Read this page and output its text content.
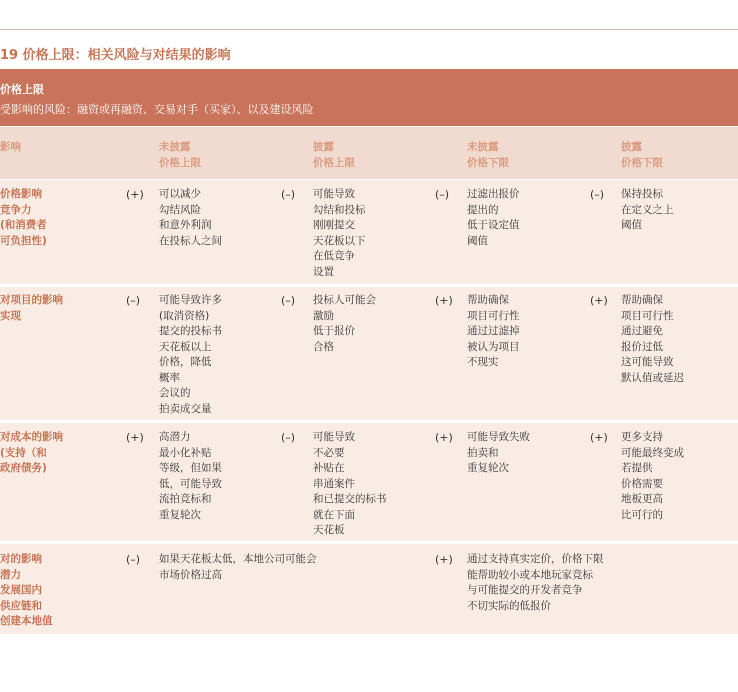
19 价格上限：相关风险与对结果的影响
价格上限
受影响的风险：融资或再融资、交易对手（买家）、以及建设风险
影响	未披露
价格上限
披露
价格上限
未披露
价格下限
披露
价格下限
价格影响
竞争力
(和消费者
可负担性)
(+) 可以减少
勾结风险
和意外利润
在投标人之间
(–) 可能导致
勾结和投标
刚刚提交
天花板以下
在低竞争
设置
(–) 过滤出报价
提出的
低于设定值
阈值
(–) 保持投标
在定义之上
阈值
对项目的影响
实现
(–) 可能导致许多
(取消资格)
提交的投标书
天花板以上
价格，降低
概率
会议的
拍卖成交量
(–) 投标人可能会
激励
低于报价
合格
(+) 帮助确保
项目可行性
通过过滤掉
被认为项目
不现实
(+) 帮助确保
项目可行性
通过避免
报价过低
这可能导致
默认值或延迟
对成本的影响
(支持（和
政府债务)
(+) 高潜力
最小化补贴
等级，但如果
低，可能导致
流拍竞标和
重复轮次
(–) 可能导致
不必要
补贴在
串通案件
和已提交的标书
就在下面
天花板
(+) 可能导致失败
拍卖和
重复轮次
(+) 更多支持
可能最终变成
若提供
价格需要
地板更高
比可行的
对的影响
潜力
发展国内
供应链和
创建本地值
(–) 如果天花板太低，本地公司可能会
市场价格过高
(+) 通过支持真实定价，价格下限
能帮助较小或本地玩家竞标
与可能提交的开发者竞争
不切实际的低报价
